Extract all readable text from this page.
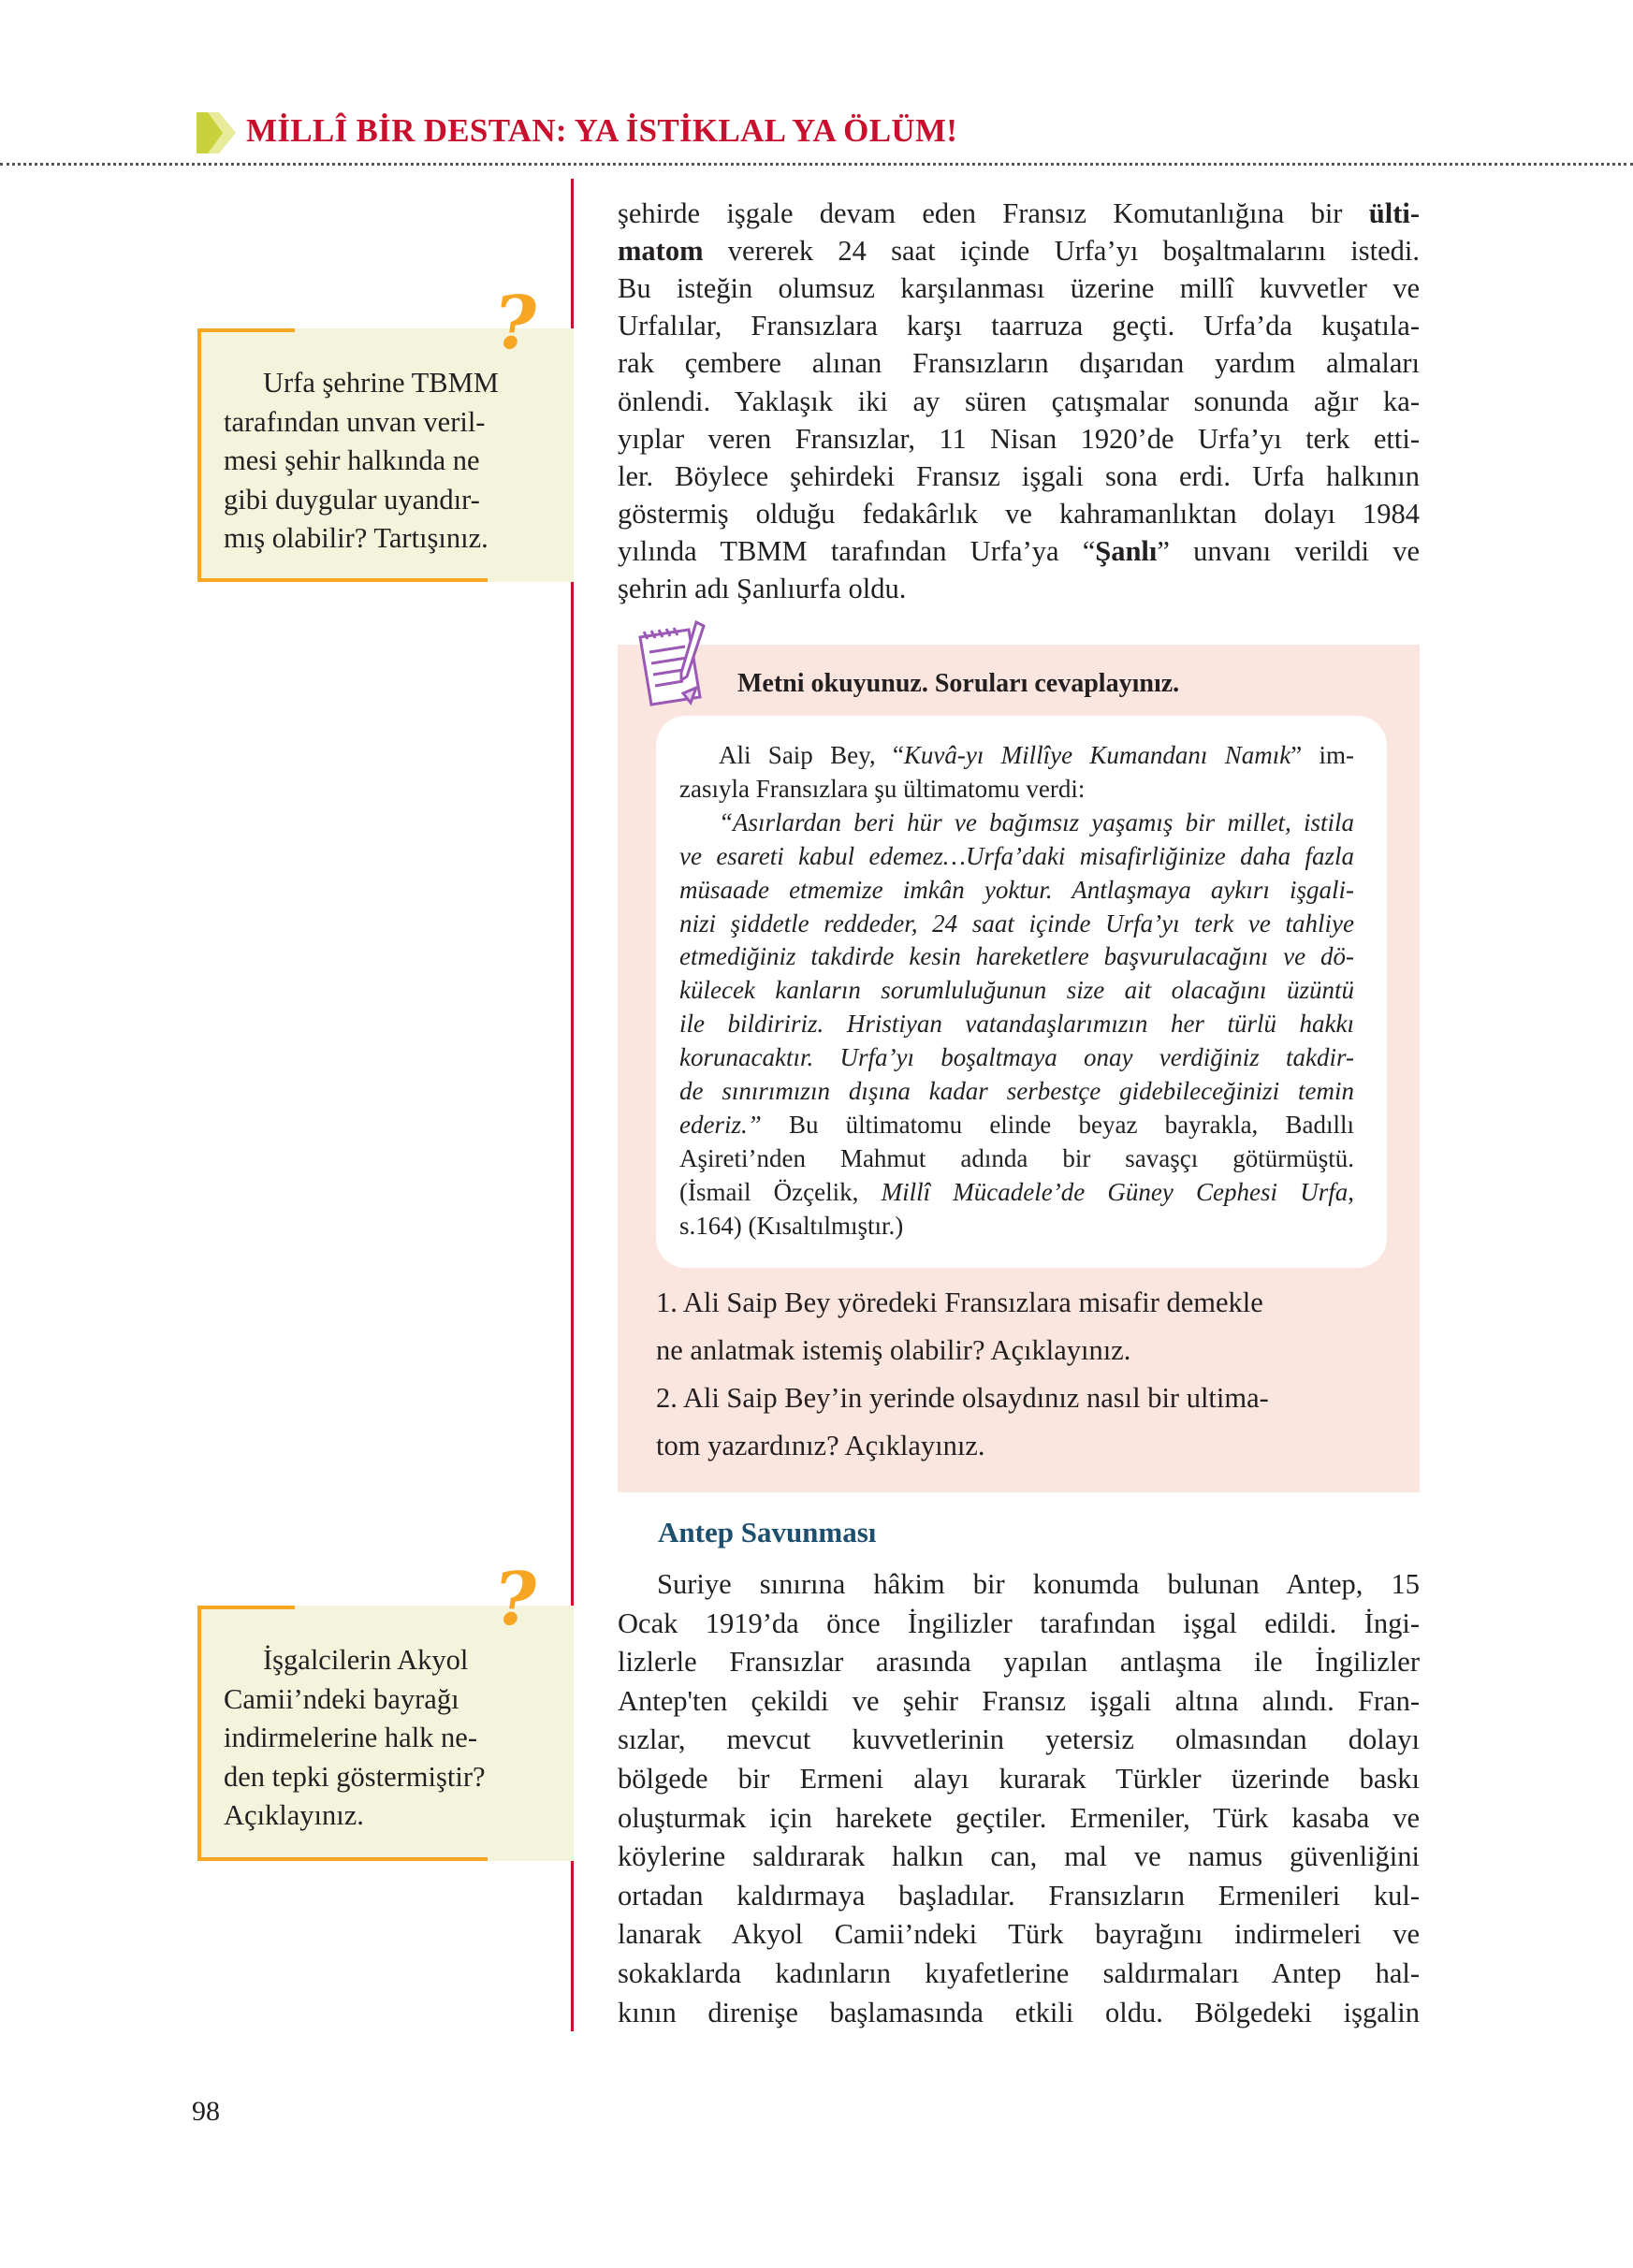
MİLLÎ BİR DESTAN: YA İSTİKLAL YA ÖLÜM!
şehirde işgale devam eden Fransız Komutanlığına bir ülti-
matom vererek 24 saat içinde Urfa’yı boşaltmalarını istedi.
Bu isteğin olumsuz karşılanması üzerine millî kuvvetler ve
Urfalılar, Fransızlara karşı taarruza geçti. Urfa’da kuşatıla-
rak çembere alınan Fransızların dışarıdan yardım almaları
önlendi. Yaklaşık iki ay süren çatışmalar sonunda ağır ka-
yıplar veren Fransızlar, 11 Nisan 1920’de Urfa’yı terk etti-
ler. Böylece şehirdeki Fransız işgali sona erdi. Urfa halkının
göstermiş olduğu fedakârlık ve kahramanlıktan dolayı 1984
yılında TBMM tarafından Urfa’ya “Şanlı” unvanı verildi ve
şehrin adı Şanlıurfa oldu.
Urfa şehrine TBMM
tarafından unvan veril-
mesi şehir halkında ne
gibi duygular uyandır-
mış olabilir? Tartışınız.
?
İşgalcilerin Akyol
Camii’ndeki bayrağı
indirmelerine halk ne-
den tepki göstermiştir?
Açıklayınız.
?
Metni okuyunuz. Soruları cevaplayınız.
Ali Saip Bey, “Kuvâ-yı Millîye Kumandanı Namık” im-
zasıyla Fransızlara şu ültimatomu verdi:
“Asırlardan beri hür ve bağımsız yaşamış bir millet, istila
ve esareti kabul edemez…Urfa’daki misafirliğinize daha fazla
müsaade etmemize imkân yoktur. Antlaşmaya aykırı işgali-
nizi şiddetle reddeder, 24 saat içinde Urfa’yı terk ve tahliye
etmediğiniz takdirde kesin hareketlere başvurulacağını ve dö-
külecek kanların sorumluluğunun size ait olacağını üzüntü
ile bildiririz. Hristiyan vatandaşlarımızın her türlü hakkı
korunacaktır. Urfa’yı boşaltmaya onay verdiğiniz takdir-
de sınırımızın dışına kadar serbestçe gidebileceğinizi temin
ederiz.” Bu ültimatomu elinde beyaz bayrakla, Badıllı
Aşireti’nden Mahmut adında bir savaşçı götürmüştü.
(İsmail Özçelik, Millî Mücadele’de Güney Cephesi Urfa,
s.164) (Kısaltılmıştır.)
1. Ali Saip Bey yöredeki Fransızlara misafir demekle
ne anlatmak istemiş olabilir? Açıklayınız.
2. Ali Saip Bey’in yerinde olsaydınız nasıl bir ultima-
tom yazardınız? Açıklayınız.
Antep Savunması
Suriye sınırına hâkim bir konumda bulunan Antep, 15
Ocak 1919’da önce İngilizler tarafından işgal edildi. İngi-
lizlerle Fransızlar arasında yapılan antlaşma ile İngilizler
Antep'ten çekildi ve şehir Fransız işgali altına alındı. Fran-
sızlar, mevcut kuvvetlerinin yetersiz olmasından dolayı
bölgede bir Ermeni alayı kurarak Türkler üzerinde baskı
oluşturmak için harekete geçtiler. Ermeniler, Türk kasaba ve
köylerine saldırarak halkın can, mal ve namus güvenliğini
ortadan kaldırmaya başladılar. Fransızların Ermenileri kul-
lanarak Akyol Camii’ndeki Türk bayrağını indirmeleri ve
sokaklarda kadınların kıyafetlerine saldırmaları Antep hal-
kının direnişe başlamasında etkili oldu. Bölgedeki işgalin
98
